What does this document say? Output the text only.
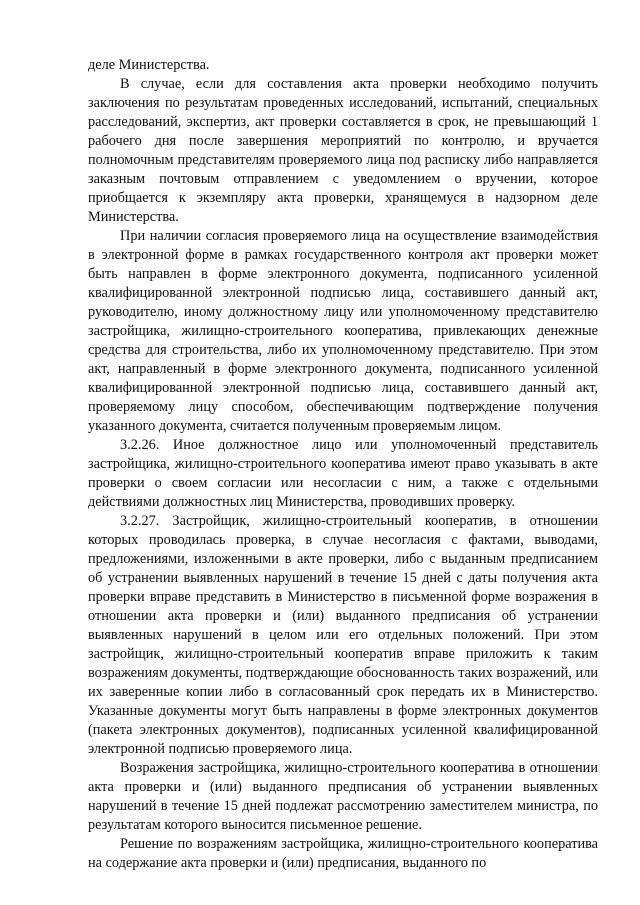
деле Министерства.

В случае, если для составления акта проверки необходимо получить заключения по результатам проведенных исследований, испытаний, специальных расследований, экспертиз, акт проверки составляется в срок, не превышающий 1 рабочего дня после завершения мероприятий по контролю, и вручается полномочным представителям проверяемого лица под расписку либо направляется заказным почтовым отправлением с уведомлением о вручении, которое приобщается к экземпляру акта проверки, хранящемуся в надзорном деле Министерства.

При наличии согласия проверяемого лица на осуществление взаимодействия в электронной форме в рамках государственного контроля акт проверки может быть направлен в форме электронного документа, подписанного усиленной квалифицированной электронной подписью лица, составившего данный акт, руководителю, иному должностному лицу или уполномоченному представителю застройщика, жилищно-строительного кооператива, привлекающих денежные средства для строительства, либо их уполномоченному представителю. При этом акт, направленный в форме электронного документа, подписанного усиленной квалифицированной электронной подписью лица, составившего данный акт, проверяемому лицу способом, обеспечивающим подтверждение получения указанного документа, считается полученным проверяемым лицом.

3.2.26. Иное должностное лицо или уполномоченный представитель застройщика, жилищно-строительного кооператива имеют право указывать в акте проверки о своем согласии или несогласии с ним, а также с отдельными действиями должностных лиц Министерства, проводивших проверку.

3.2.27. Застройщик, жилищно-строительный кооператив, в отношении которых проводилась проверка, в случае несогласия с фактами, выводами, предложениями, изложенными в акте проверки, либо с выданным предписанием об устранении выявленных нарушений в течение 15 дней с даты получения акта проверки вправе представить в Министерство в письменной форме возражения в отношении акта проверки и (или) выданного предписания об устранении выявленных нарушений в целом или его отдельных положений. При этом застройщик, жилищно-строительный кооператив вправе приложить к таким возражениям документы, подтверждающие обоснованность таких возражений, или их заверенные копии либо в согласованный срок передать их в Министерство. Указанные документы могут быть направлены в форме электронных документов (пакета электронных документов), подписанных усиленной квалифицированной электронной подписью проверяемого лица.

Возражения застройщика, жилищно-строительного кооператива в отношении акта проверки и (или) выданного предписания об устранении выявленных нарушений в течение 15 дней подлежат рассмотрению заместителем министра, по результатам которого выносится письменное решение.

Решение по возражениям застройщика, жилищно-строительного кооператива на содержание акта проверки и (или) предписания, выданного по
